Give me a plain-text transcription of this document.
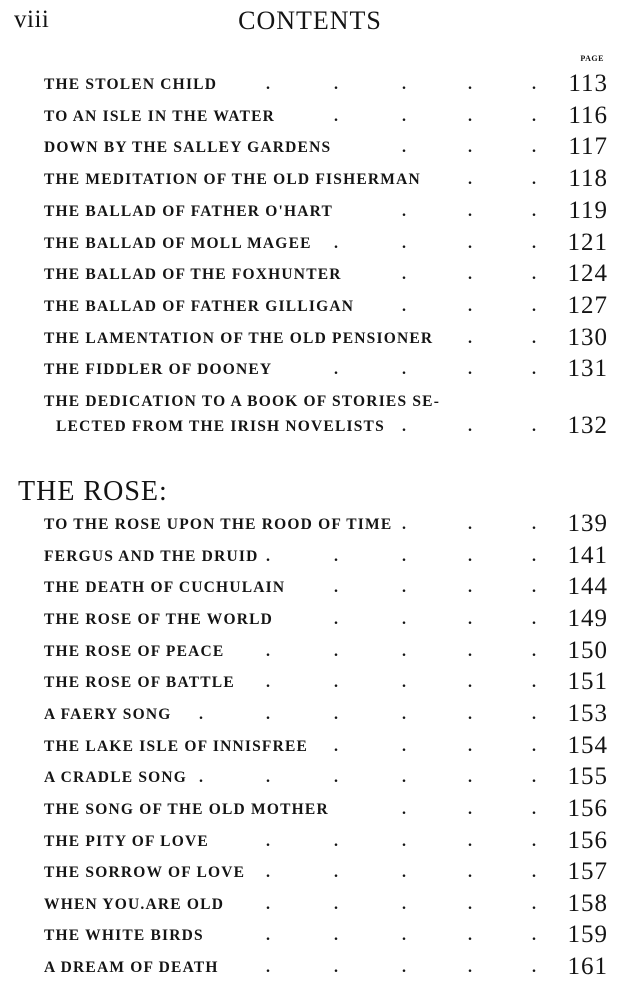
viii	CONTENTS
PAGE
THE STOLEN CHILD	.	.	.	.	. 113
TO AN ISLE IN THE WATER	.	.	.	. 116
DOWN BY THE SALLEY GARDENS	.	.	. 117
THE MEDITATION OF THE OLD FISHERMAN	.	. 118
THE BALLAD OF FATHER O'HART	.	.	. 119
THE BALLAD OF MOLL MAGEE .	.	.	. 121
THE BALLAD OF THE FOXHUNTER	.	.	. 124
THE BALLAD OF FATHER GILLIGAN	.	.	. 127
THE LAMENTATION OF THE OLD PENSIONER .	. 130
THE FIDDLER OF DOONEY	.	.	.	. 131
THE DEDICATION TO A BOOK OF STORIES SE-
LECTED FROM THE IRISH NOVELISTS .	.	. 132
THE ROSE:
TO THE ROSE UPON THE ROOD OF TIME .	.	. 139
FERGUS AND THE DRUID .	.	.	.	. 141
THE DEATH OF CUCHULAIN	.	.	.	. 144
THE ROSE OF THE WORLD	.	.	.	. 149
THE ROSE OF PEACE	.	.	.	.	. 150
THE ROSE OF BATTLE .	.	.	.	. 151
A FAERY SONG .	.	.	.	.	. 153
THE LAKE ISLE OF INNISFREE .	.	.	. 154
A CRADLE SONG .	.	.	.	.	. 155
THE SONG OF THE OLD MOTHER	.	.	. 156
THE PITY OF LOVE	.	.	.	.	. 156
THE SORROW OF LOVE .	.	.	.	. 157
WHEN YOU.ARE OLD	.	.	.	.	. 158
THE WHITE BIRDS	.	.	.	.	. 159
A DREAM OF DEATH	.	.	.	.	. 161
